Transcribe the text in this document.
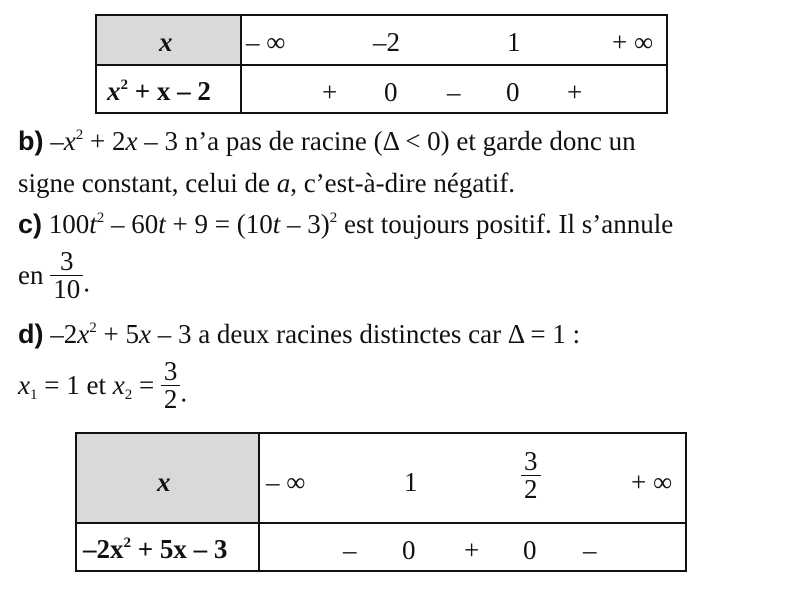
x	– ∞	–2	1	+ ∞
$x^2 + x - 2$	+ 0 – 0 +
b) $-x^2 + 2x - 3$ n’a pas de racine (Δ < 0) et garde donc un
signe constant, celui de a, c’est-à-dire négatif.
c) $100t^2 - 60t + 9 = (10t - 3)^2$ est toujours positif. Il s’annule
en $\frac{3}{10}$ .
d) $-2x^2 + 5x - 3$ a deux racines distinctes car Δ = 1 :
$x_1 = 1$ et $x_2 = \frac{3}{2}$ .
x	– ∞	1	$\frac{3}{2}$	+ ∞
$-2x^2 + 5x - 3$	– 0 + 0 –
